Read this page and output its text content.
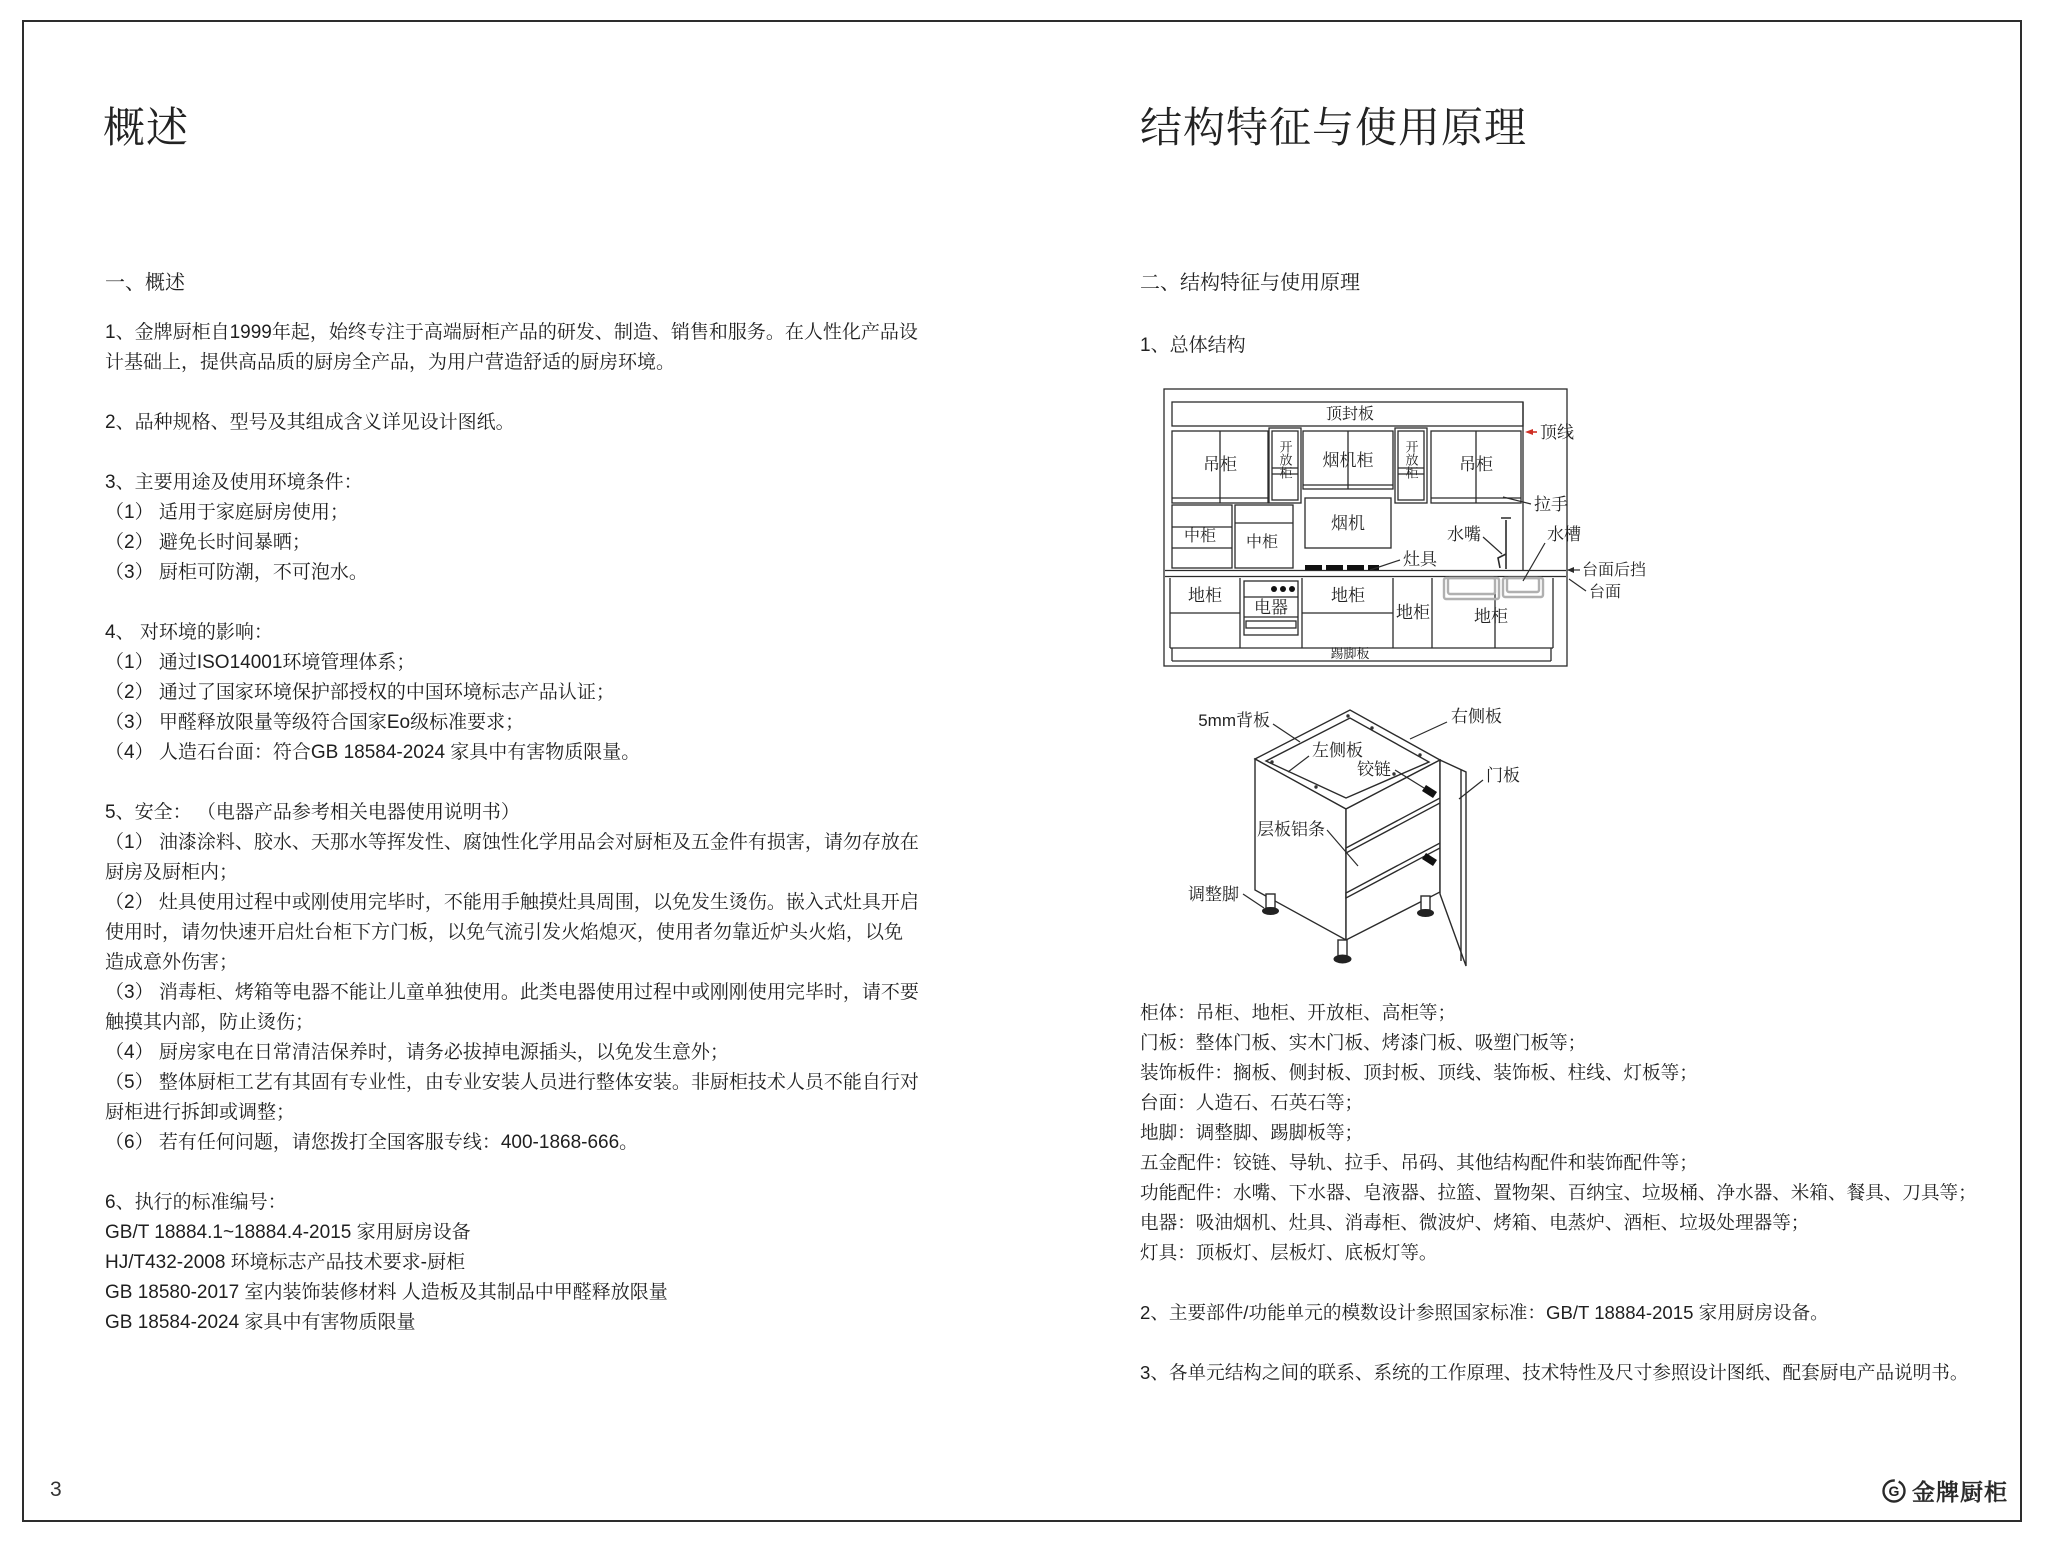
概述
一、概述

1、金牌厨柜自1999年起，始终专注于高端厨柜产品的研发、制造、销售和服务。在人性化产品设计基础上，提供高品质的厨房全产品，为用户营造舒适的厨房环境。

2、品种规格、型号及其组成含义详见设计图纸。

3、主要用途及使用环境条件：

（1） 适用于家庭厨房使用；

（2） 避免长时间暴晒；

（3） 厨柜可防潮，不可泡水。

4、 对环境的影响：

（1） 通过ISO14001环境管理体系；

（2） 通过了国家环境保护部授权的中国环境标志产品认证；

（3） 甲醛释放限量等级符合国家Eo级标准要求；

（4） 人造石台面：符合GB 18584-2024 家具中有害物质限量。

5、安全： （电器产品参考相关电器使用说明书）

（1） 油漆涂料、胶水、天那水等挥发性、腐蚀性化学用品会对厨柜及五金件有损害，请勿存放在厨房及厨柜内；

（2） 灶具使用过程中或刚使用完毕时，不能用手触摸灶具周围，以免发生烫伤。嵌入式灶具开启使用时，请勿快速开启灶台柜下方门板，以免气流引发火焰熄灭，使用者勿靠近炉头火焰，以免造成意外伤害；

（3） 消毒柜、烤箱等电器不能让儿童单独使用。此类电器使用过程中或刚刚使用完毕时，请不要触摸其内部，防止烫伤；

（4） 厨房家电在日常清洁保养时，请务必拔掉电源插头，以免发生意外；

（5） 整体厨柜工艺有其固有专业性，由专业安装人员进行整体安装。非厨柜技术人员不能自行对厨柜进行拆卸或调整；

（6） 若有任何问题，请您拨打全国客服专线：400-1868-666。

6、执行的标准编号：

GB/T 18884.1~18884.4-2015 家用厨房设备

HJ/T432-2008 环境标志产品技术要求-厨柜

GB 18580-2017 室内装饰装修材料 人造板及其制品中甲醛释放限量

GB 18584-2024 家具中有害物质限量

结构特征与使用原理
二、结构特征与使用原理
1、总体结构
顶封板
顶线
吊柜	吊柜
开放柜	开放柜
烟机柜
烟机
拉手
中柜 中柜	水嘴
灶具
水槽
台面后挡
台面
地柜	地柜
地柜	地柜
电器
踢脚板
5mm背板	右侧板
左侧板
铰链	门板
层板铝条
调整脚

柜体：吊柜、地柜、开放柜、高柜等；

门板：整体门板、实木门板、烤漆门板、吸塑门板等；

装饰板件：搁板、侧封板、顶封板、顶线、装饰板、柱线、灯板等；

台面：人造石、石英石等；

地脚：调整脚、踢脚板等；

五金配件：铰链、导轨、拉手、吊码、其他结构配件和装饰配件等；

功能配件：水嘴、下水器、皂液器、拉篮、置物架、百纳宝、垃圾桶、净水器、米箱、餐具、刀具等；

电器：吸油烟机、灶具、消毒柜、微波炉、烤箱、电蒸炉、酒柜、垃圾处理器等；

灯具：顶板灯、层板灯、底板灯等。

2、主要部件/功能单元的模数设计参照国家标准：GB/T 18884-2015 家用厨房设备。

3、各单元结构之间的联系、系统的工作原理、技术特性及尺寸参照设计图纸、配套厨电产品说明书。

3	G 金牌厨柜
